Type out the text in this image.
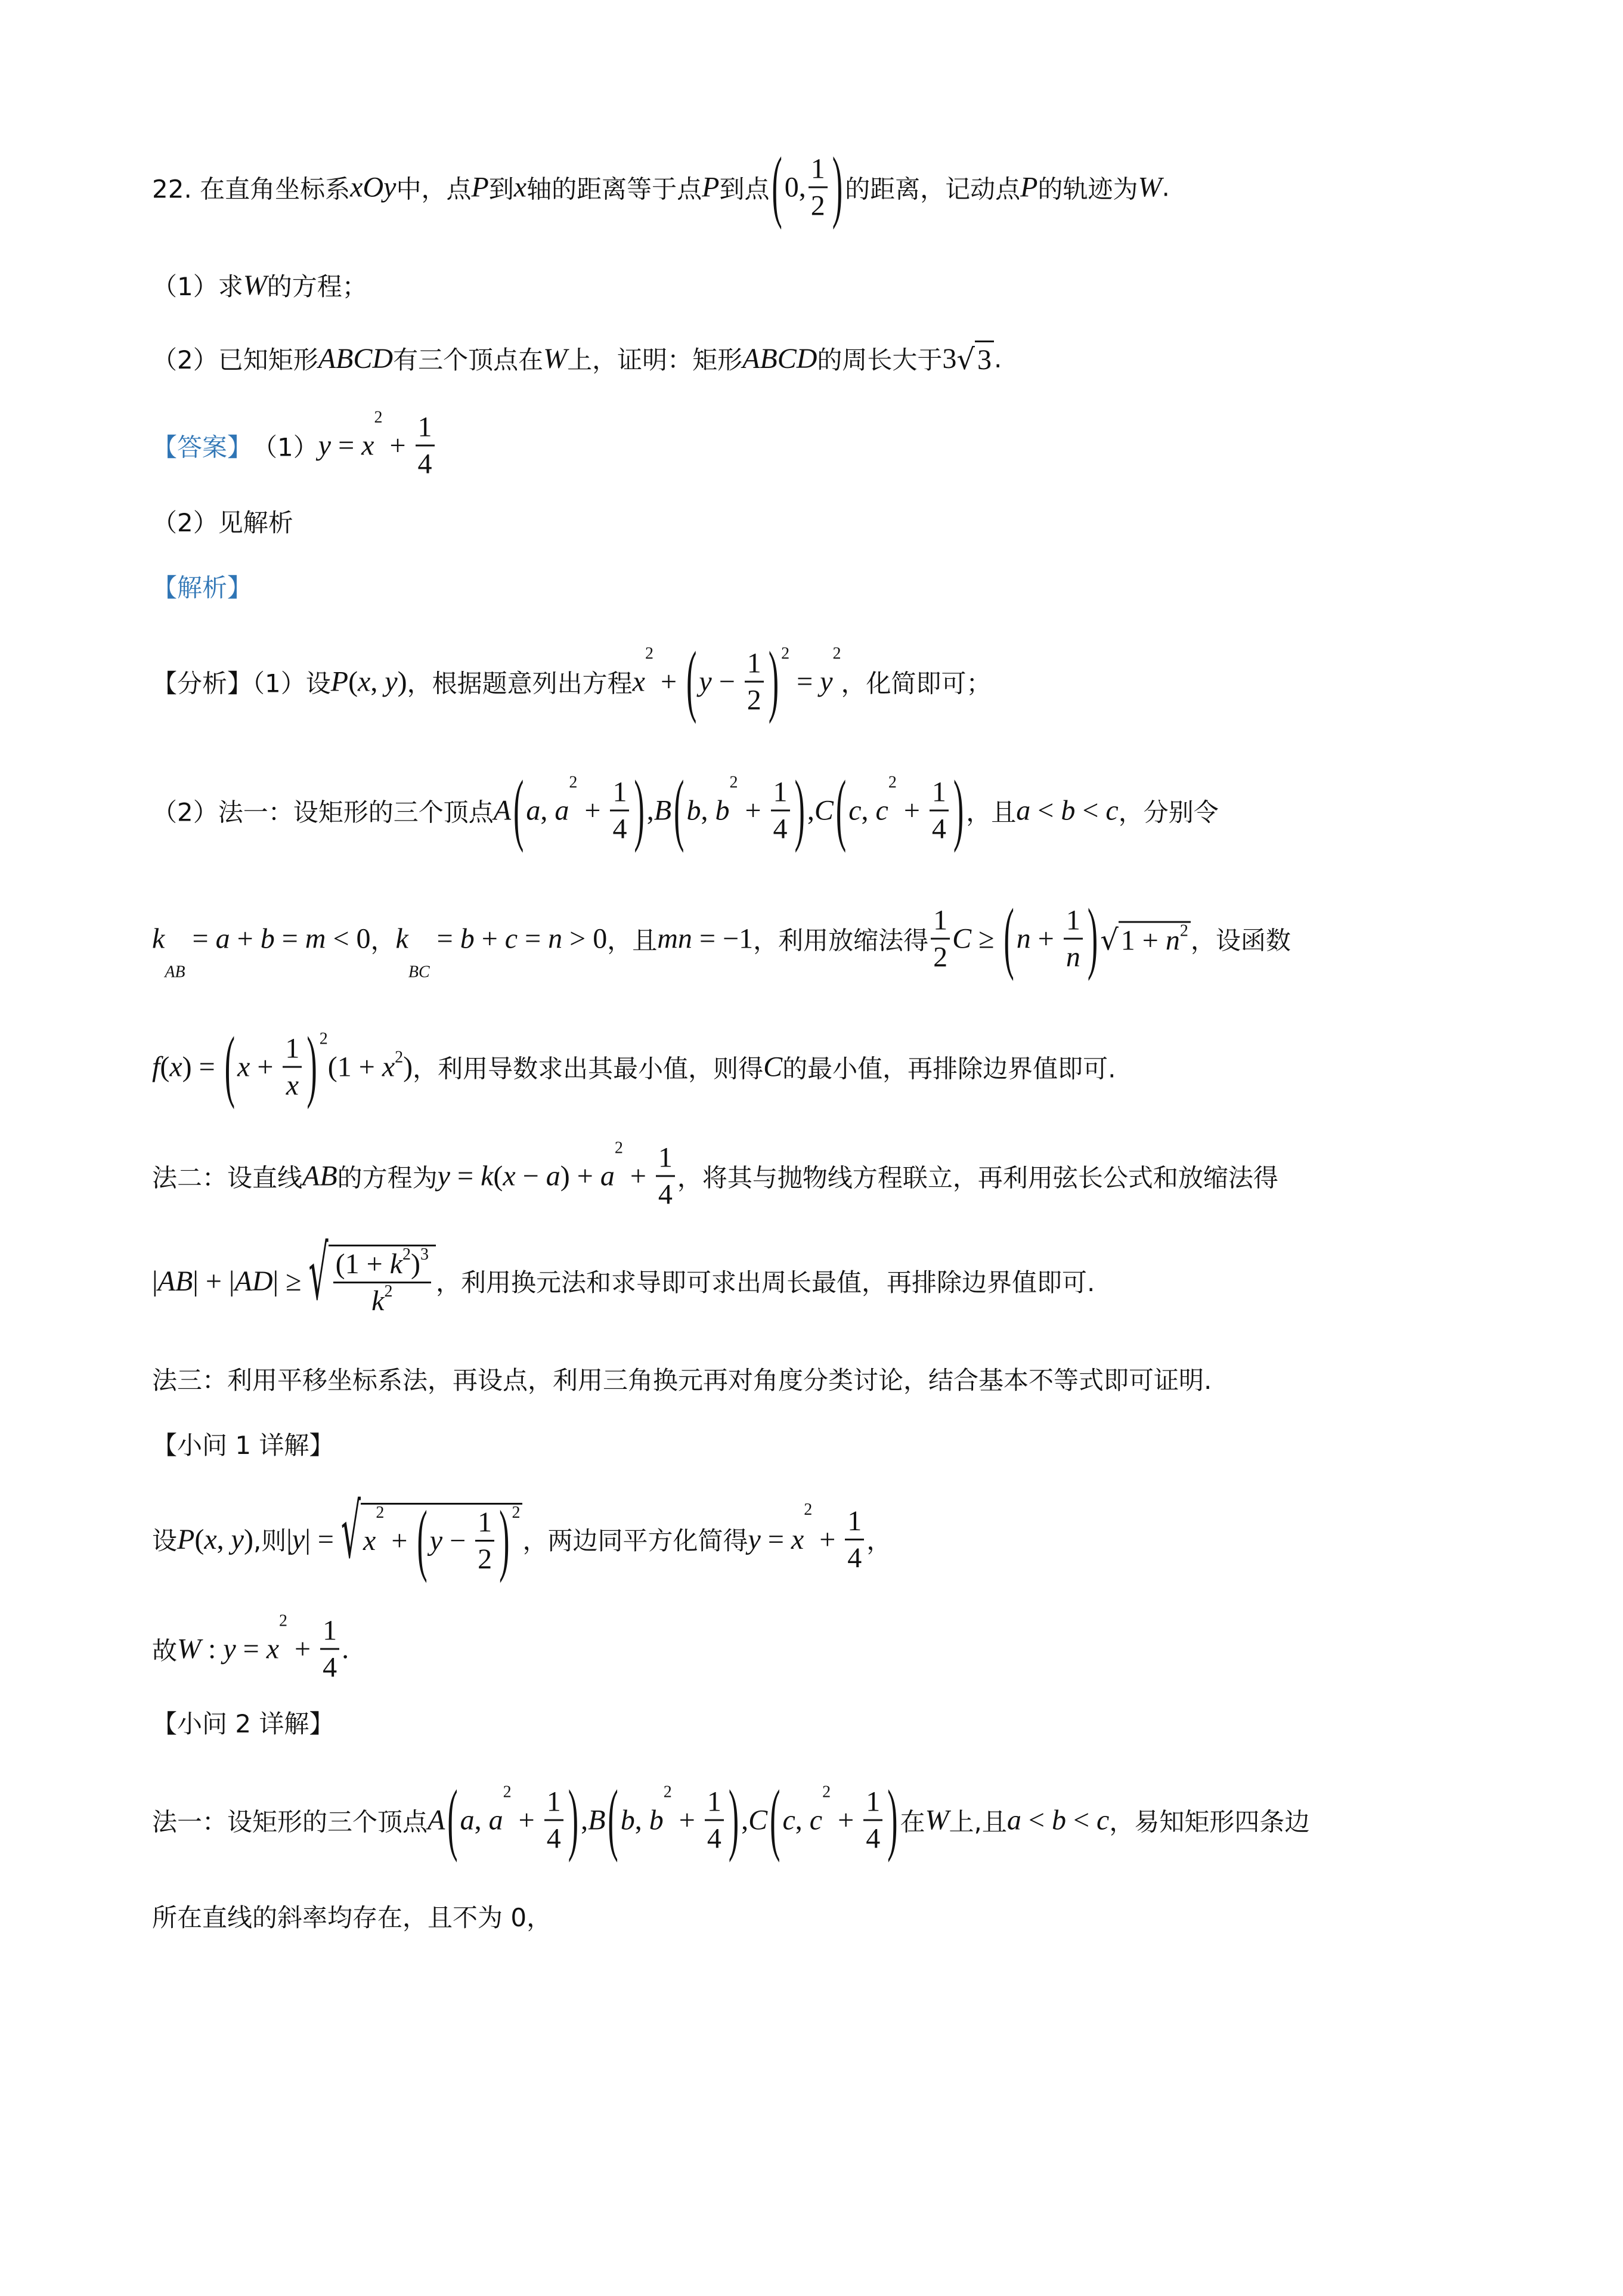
22. 在直角坐标系 xOy 中，点 P 到 x 轴的距离等于点 P 到点 ( 0, $\frac{1}{2}$ ) 的距离，记动点 P 的轨迹为 W .
（1）求 W 的方程；
（2）已知矩形 ABCD 有三个顶点在 W 上，证明：矩形 ABCD 的周长大于 3 √ 3 .
【答案】 （1） y = x
2
+ $\frac{1}{4}$
（2）见解析
【解析】
【分析】（1）设 P ( x , y ) ，根据题意列出方程 x
2
+ ( $y - \frac{1}{2}$ ) 2
= y
2
，化简即可；
（2）法一：设矩形的三个顶点 A ( a , a
2
+ $\frac{1}{4}$ ) , B ( b , b
2
+ $\frac{1}{4}$ ) , C ( c , c
2
+ $\frac{1}{4}$ ) ，且 a < b < c ，分别令
k
AB
= a + b = m < 0 ， k
BC
= b + c = n > 0 ，且 mn = −1 ，利用放缩法得 $\frac{1}{2}$ C ≥ ( $n + \frac{1}{n}$ ) √ 1 + n 2 ，设函数
f ( x ) = ( $x + \frac{1}{x}$ ) 2
( 1 + x 2 ) ，利用导数求出其最小值，则得 C 的最小值，再排除边界值即可.
法二：设直线 AB 的方程为 y = k ( x − a ) + a
2
+ $\frac{1}{4}$ ，将其与抛物线方程联立，再利用弦长公式和放缩法得
| AB | + | AD | ≥ √ $\frac{( 1 + k 2 ) 3}{k 2}$ ，利用换元法和求导即可求出周长最值，再排除边界值即可.
法三：利用平移坐标系法，再设点，利用三角换元再对角度分类讨论，结合基本不等式即可证明.
【小问 1 详解】
设 P ( x , y ) ,则 | y | = √ x
2
+ ( $y - \frac{1}{2}$ ) 2
，两边同平方化简得 y = x
2
+ $\frac{1}{4}$ ，
故 W : y = x
2
+ $\frac{1}{4}$ .
【小问 2 详解】
法一：设矩形的三个顶点 A ( a , a
2
+ $\frac{1}{4}$ ) , B ( b , b
2
+ $\frac{1}{4}$ ) , C ( c , c
2
+ $\frac{1}{4}$ ) 在 W 上,且 a < b < c ，易知矩形四条边
所在直线的斜率均存在，且不为 0，
